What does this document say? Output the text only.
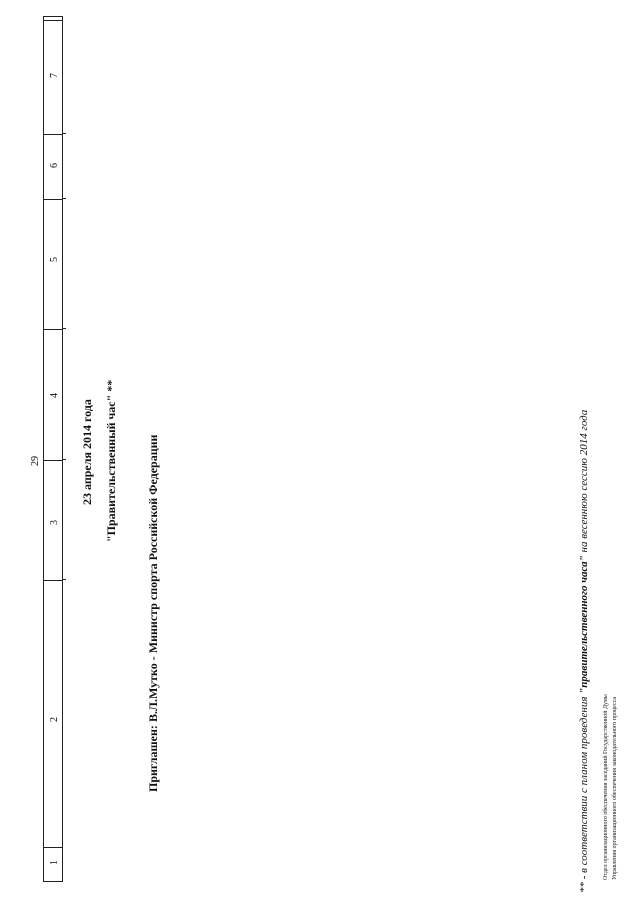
7
6
5
4
3
2
1
29	23 апреля 2014 года "Правительственный час" **
Приглашен:
В.Л.Мутко - Министр спорта Российской Федерации
** - в соответствии с планом проведения "правительственного часа" на весеннюю сессию 2014 года
Отдел организационного обеспечения заседаний Государственной Думы Управления организационного обеспечения законодательного процесса
